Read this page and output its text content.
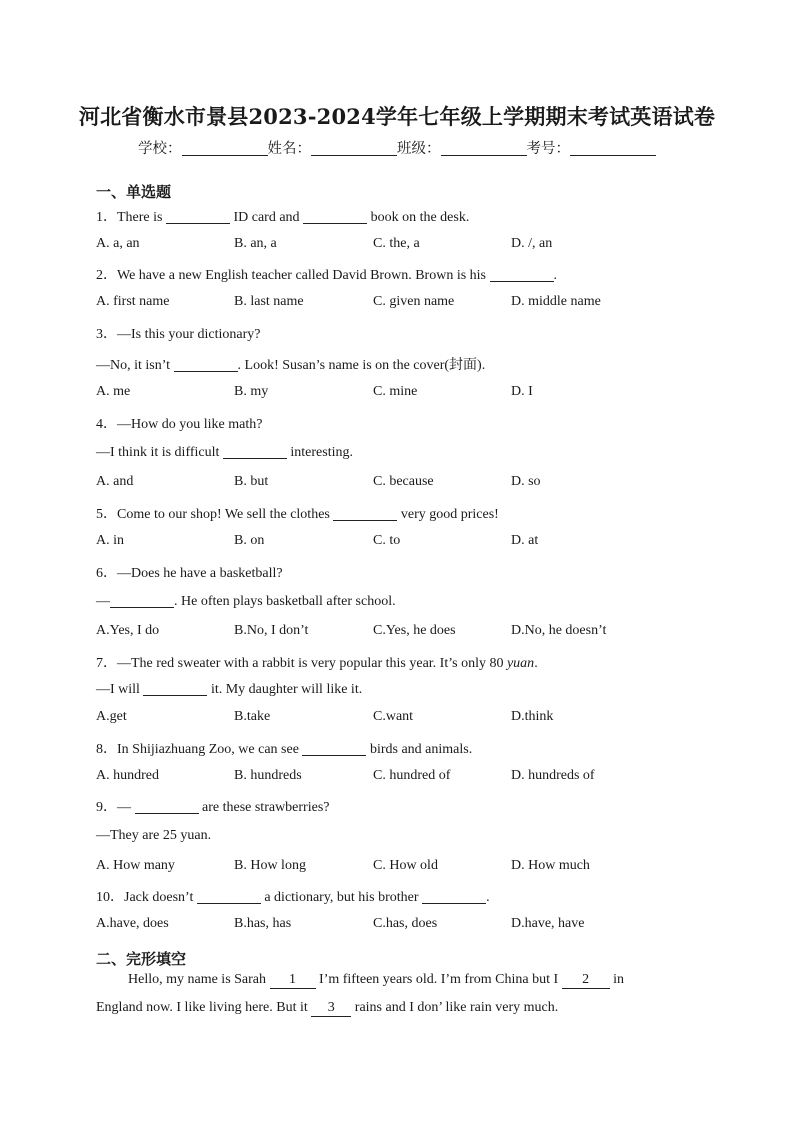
河北省衡水市景县2023-2024学年七年级上学期期末考试英语试卷
学校：	姓名：	班级：	考号：
一、单选题
1．There is	ID card and	book on the desk.
A. a, an	B. an, a	C. the, a	D. /, an
2．We have a new English teacher called David Brown. Brown is his	.
A. first name	B. last name	C. given name	D. middle name
3．—Is this your dictionary?
—No, it isn’t	. Look! Susan’s name is on the cover(封面).
A. me	B. my	C. mine	D. I
4．—How do you like math?
—I think it is difficult	interesting.
A. and	B. but	C. because	D. so
5．Come to our shop! We sell the clothes	very good prices!
A. in	B. on	C. to	D. at
6．—Does he have a basketball?
—	. He often plays basketball after school.
A.Yes, I do	B.No, I don’t	C.Yes, he does	D.No, he doesn’t
7．—The red sweater with a rabbit is very popular this year. It’s only 80 yuan.
—I will	it. My daughter will like it.
A.get	B.take	C.want	D.think
8．In Shijiazhuang Zoo, we can see	birds and animals.
A. hundred	B. hundreds	C. hundred of	D. hundreds of
9．—	are these strawberries?
—They are 25 yuan.
A. How many	B. How long	C. How old	D. How much
10．Jack doesn’t	a dictionary, but his brother	.
A.have, does	B.has, has	C.has, does	D.have, have
二、完形填空
Hello, my name is Sarah 1 I’m fifteen years old. I’m from China but I 2 in
England now. I like living here. But it 3 rains and I don’ like rain very much.
